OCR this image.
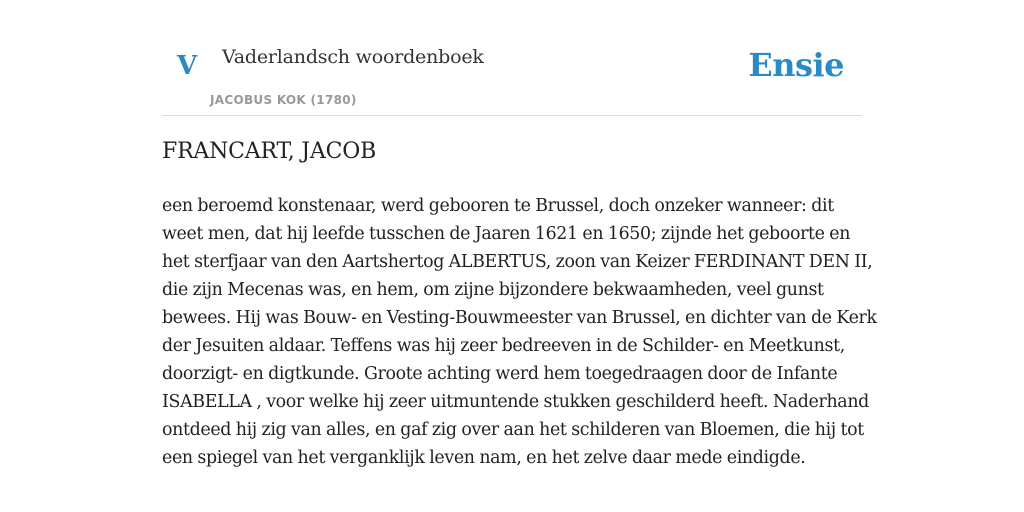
V Vaderlandsch woordenboek
JACOBUS KOK (1780)
Ensie
FRANCART, JACOB

een beroemd konstenaar, werd gebooren te Brussel, doch onzeker wanneer: dit weet men, dat hij leefde tusschen de Jaaren 1621 en 1650; zijnde het geboorte en het sterfjaar van den Aartshertog ALBERTUS, zoon van Keizer FERDINANT DEN II, die zijn Mecenas was, en hem, om zijne bijzondere bekwaamheden, veel gunst bewees. Hij was Bouw- en Vesting-Bouwmeester van Brussel, en dichter van de Kerk der Jesuiten aldaar. Teffens was hij zeer bedreeven in de Schilder- en Meetkunst, doorzigt- en digtkunde. Groote achting werd hem toegedraagen door de Infante ISABELLA , voor welke hij zeer uitmuntende stukken geschilderd heeft. Naderhand ontdeed hij zig van alles, en gaf zig over aan het schilderen van Bloemen, die hij tot een spiegel van het verganklijk leven nam, en het zelve daar mede eindigde.
